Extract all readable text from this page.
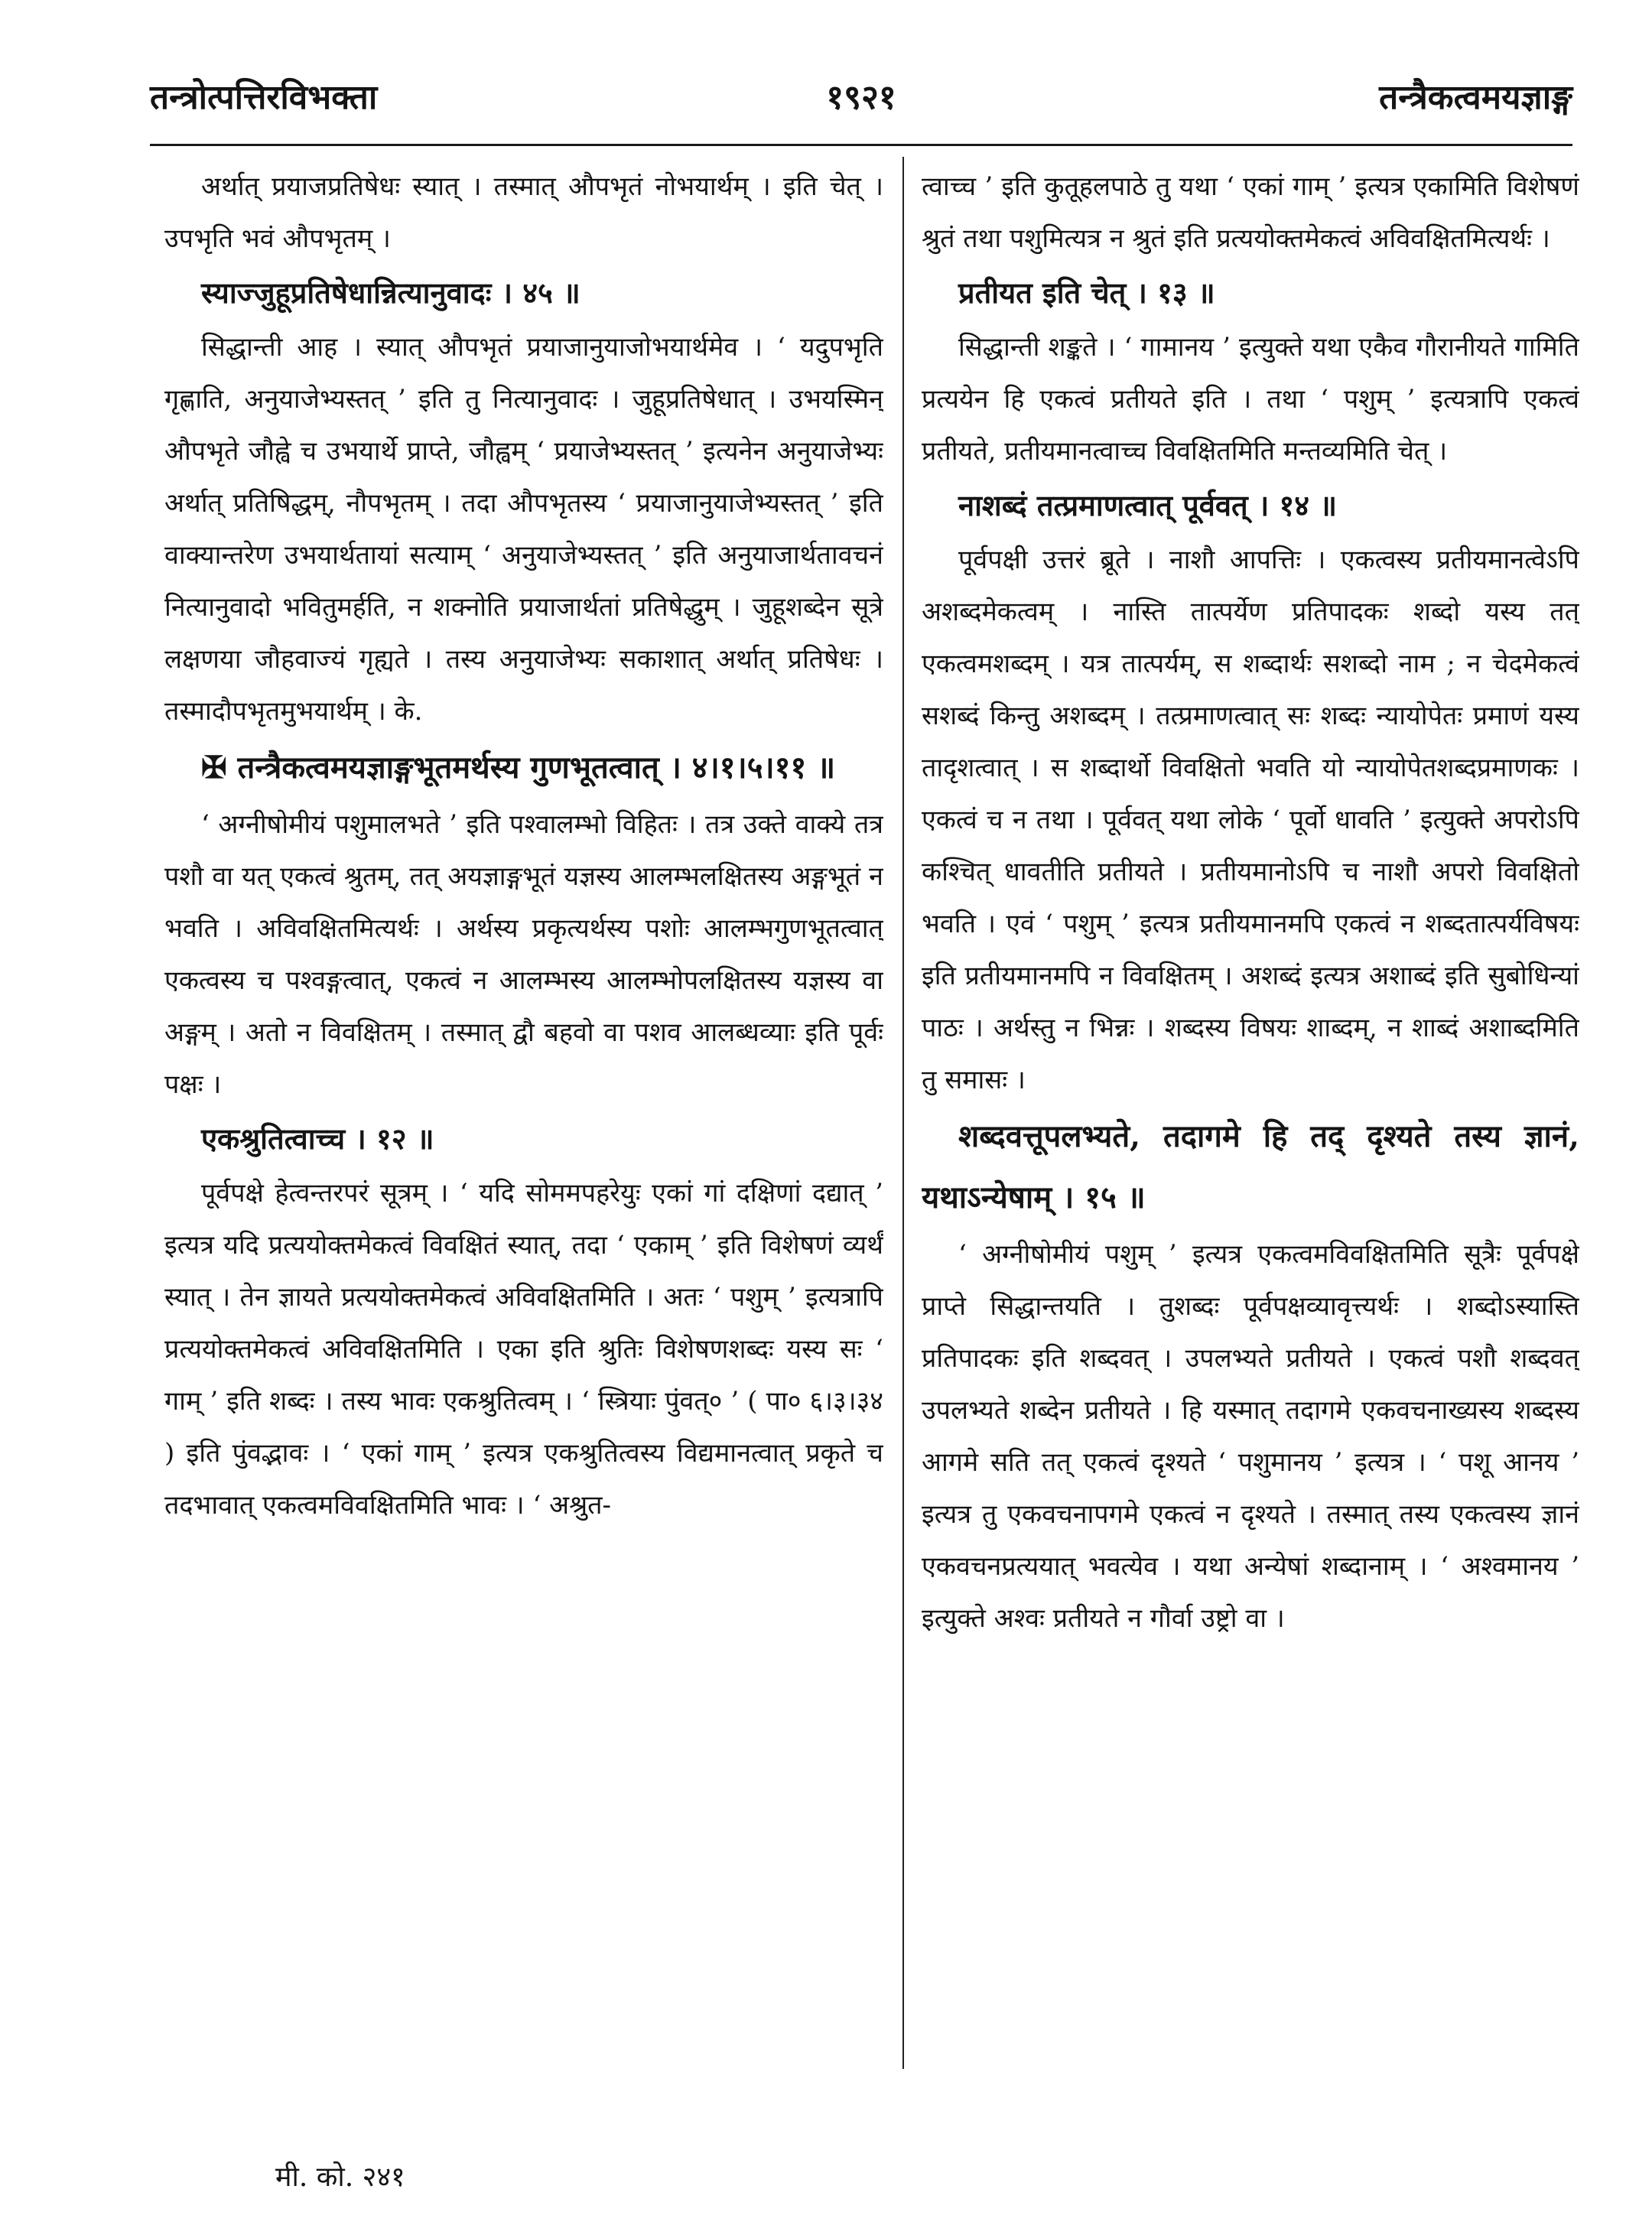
तन्त्रोत्पत्तिरविभक्ता	१९२१	तन्त्रैकत्वमयज्ञाङ्ग

अर्थात् प्रयाजप्रतिषेधः स्यात् । तस्मात् औपभृतं नोभयार्थम् । इति चेत् । उपभृति भवं औपभृतम् ।

स्याज्जुहूप्रतिषेधान्नित्यानुवादः । ४५ ॥

सिद्धान्ती आह । स्यात् औपभृतं प्रयाजानुयाजोभयार्थमेव । ‘ यदुपभृति गृह्णाति, अनुयाजेभ्यस्तत् ’ इति तु नित्यानुवादः । जुहूप्रतिषेधात् । उभयस्मिन् औपभृते जौह्वे च उभयार्थे प्राप्ते, जौह्वम् ‘ प्रयाजेभ्यस्तत् ’ इत्यनेन अनुयाजेभ्यः अर्थात् प्रतिषिद्धम्, नौपभृतम् । तदा औपभृतस्य ‘ प्रयाजानुयाजेभ्यस्तत् ’ इति वाक्यान्तरेण उभयार्थतायां सत्याम् ‘ अनुयाजेभ्यस्तत् ’ इति अनुयाजार्थतावचनं नित्यानुवादो भवितुमर्हति, न शक्नोति प्रयाजार्थतां प्रतिषेद्धुम् । जुहूशब्देन सूत्रे लक्षणया जौहवाज्यं गृह्यते । तस्य अनुयाजेभ्यः सकाशात् अर्थात् प्रतिषेधः । तस्मादौपभृतमुभयार्थम् । के.

✠ तन्त्रैकत्वमयज्ञाङ्गभूतमर्थस्य गुणभूतत्वात् । ४।१।५।११ ॥

‘ अग्नीषोमीयं पशुमालभते ’ इति पश्वालम्भो विहितः । तत्र उक्ते वाक्ये तत्र पशौ वा यत् एकत्वं श्रुतम्, तत् अयज्ञाङ्गभूतं यज्ञस्य आलम्भलक्षितस्य अङ्गभूतं न भवति । अविवक्षितमित्यर्थः । अर्थस्य प्रकृत्यर्थस्य पशोः आलम्भगुणभूतत्वात् एकत्वस्य च पश्वङ्गत्वात्, एकत्वं न आलम्भस्य आलम्भोपलक्षितस्य यज्ञस्य वा अङ्गम् । अतो न विवक्षितम् । तस्मात् द्वौ बहवो वा पशव आलब्धव्याः इति पूर्वः पक्षः ।

एकश्रुतित्वाच्च । १२ ॥

पूर्वपक्षे हेत्वन्तरपरं सूत्रम् । ‘ यदि सोममपहरेयुः एकां गां दक्षिणां दद्यात् ’ इत्यत्र यदि प्रत्ययोक्तमेकत्वं विवक्षितं स्यात्, तदा ‘ एकाम् ’ इति विशेषणं व्यर्थं स्यात् । तेन ज्ञायते प्रत्ययोक्तमेकत्वं अविवक्षितमिति । अतः ‘ पशुम् ’ इत्यत्रापि प्रत्ययोक्तमेकत्वं अविवक्षितमिति । एका इति श्रुतिः विशेषणशब्दः यस्य सः ‘ गाम् ’ इति शब्दः । तस्य भावः एकश्रुतित्वम् । ‘ स्त्रियाः पुंवत्० ’ ( पा० ६।३।३४ ) इति पुंवद्भावः । ‘ एकां गाम् ’ इत्यत्र एकश्रुतित्वस्य विद्यमानत्वात् प्रकृते च तदभावात् एकत्वमविवक्षितमिति भावः । ‘ अश्रुत-

त्वाच्च ’ इति कुतूहलपाठे तु यथा ‘ एकां गाम् ’ इत्यत्र एकामिति विशेषणं श्रुतं तथा पशुमित्यत्र न श्रुतं इति प्रत्ययोक्तमेकत्वं अविवक्षितमित्यर्थः ।

प्रतीयत इति चेत् । १३ ॥

सिद्धान्ती शङ्कते । ‘ गामानय ’ इत्युक्ते यथा एकैव गौरानीयते गामिति प्रत्ययेन हि एकत्वं प्रतीयते इति । तथा ‘ पशुम् ’ इत्यत्रापि एकत्वं प्रतीयते, प्रतीयमानत्वाच्च विवक्षितमिति मन्तव्यमिति चेत् ।

नाशब्दं तत्प्रमाणत्वात् पूर्ववत् । १४ ॥

पूर्वपक्षी उत्तरं ब्रूते । नाशौ आपत्तिः । एकत्वस्य प्रतीयमानत्वेऽपि अशब्दमेकत्वम् । नास्ति तात्पर्येण प्रतिपादकः शब्दो यस्य तत् एकत्वमशब्दम् । यत्र तात्पर्यम्, स शब्दार्थः सशब्दो नाम ; न चेदमेकत्वं सशब्दं किन्तु अशब्दम् । तत्प्रमाणत्वात् सः शब्दः न्यायोपेतः प्रमाणं यस्य तादृशत्वात् । स शब्दार्थो विवक्षितो भवति यो न्यायोपेतशब्दप्रमाणकः । एकत्वं च न तथा । पूर्ववत् यथा लोके ‘ पूर्वो धावति ’ इत्युक्ते अपरोऽपि कश्चित् धावतीति प्रतीयते । प्रतीयमानोऽपि च नाशौ अपरो विवक्षितो भवति । एवं ‘ पशुम् ’ इत्यत्र प्रतीयमानमपि एकत्वं न शब्दतात्पर्यविषयः इति प्रतीयमानमपि न विवक्षितम् । अशब्दं इत्यत्र अशाब्दं इति सुबोधिन्यां पाठः । अर्थस्तु न भिन्नः । शब्दस्य विषयः शाब्दम्, न शाब्दं अशाब्दमिति तु समासः ।

शब्दवत्तूपलभ्यते, तदागमे हि तद् दृश्यते तस्य ज्ञानं, यथाऽन्येषाम् । १५ ॥

‘ अग्नीषोमीयं पशुम् ’ इत्यत्र एकत्वमविवक्षितमिति सूत्रैः पूर्वपक्षे प्राप्ते सिद्धान्तयति । तुशब्दः पूर्वपक्षव्यावृत्त्यर्थः । शब्दोऽस्यास्ति प्रतिपादकः इति शब्दवत् । उपलभ्यते प्रतीयते । एकत्वं पशौ शब्दवत् उपलभ्यते शब्देन प्रतीयते । हि यस्मात् तदागमे एकवचनाख्यस्य शब्दस्य आगमे सति तत् एकत्वं दृश्यते ‘ पशुमानय ’ इत्यत्र । ‘ पशू आनय ’ इत्यत्र तु एकवचनापगमे एकत्वं न दृश्यते । तस्मात् तस्य एकत्वस्य ज्ञानं एकवचनप्रत्ययात् भवत्येव । यथा अन्येषां शब्दानाम् । ‘ अश्वमानय ’ इत्युक्ते अश्वः प्रतीयते न गौर्वा उष्ट्रो वा ।

मी. को. २४१
